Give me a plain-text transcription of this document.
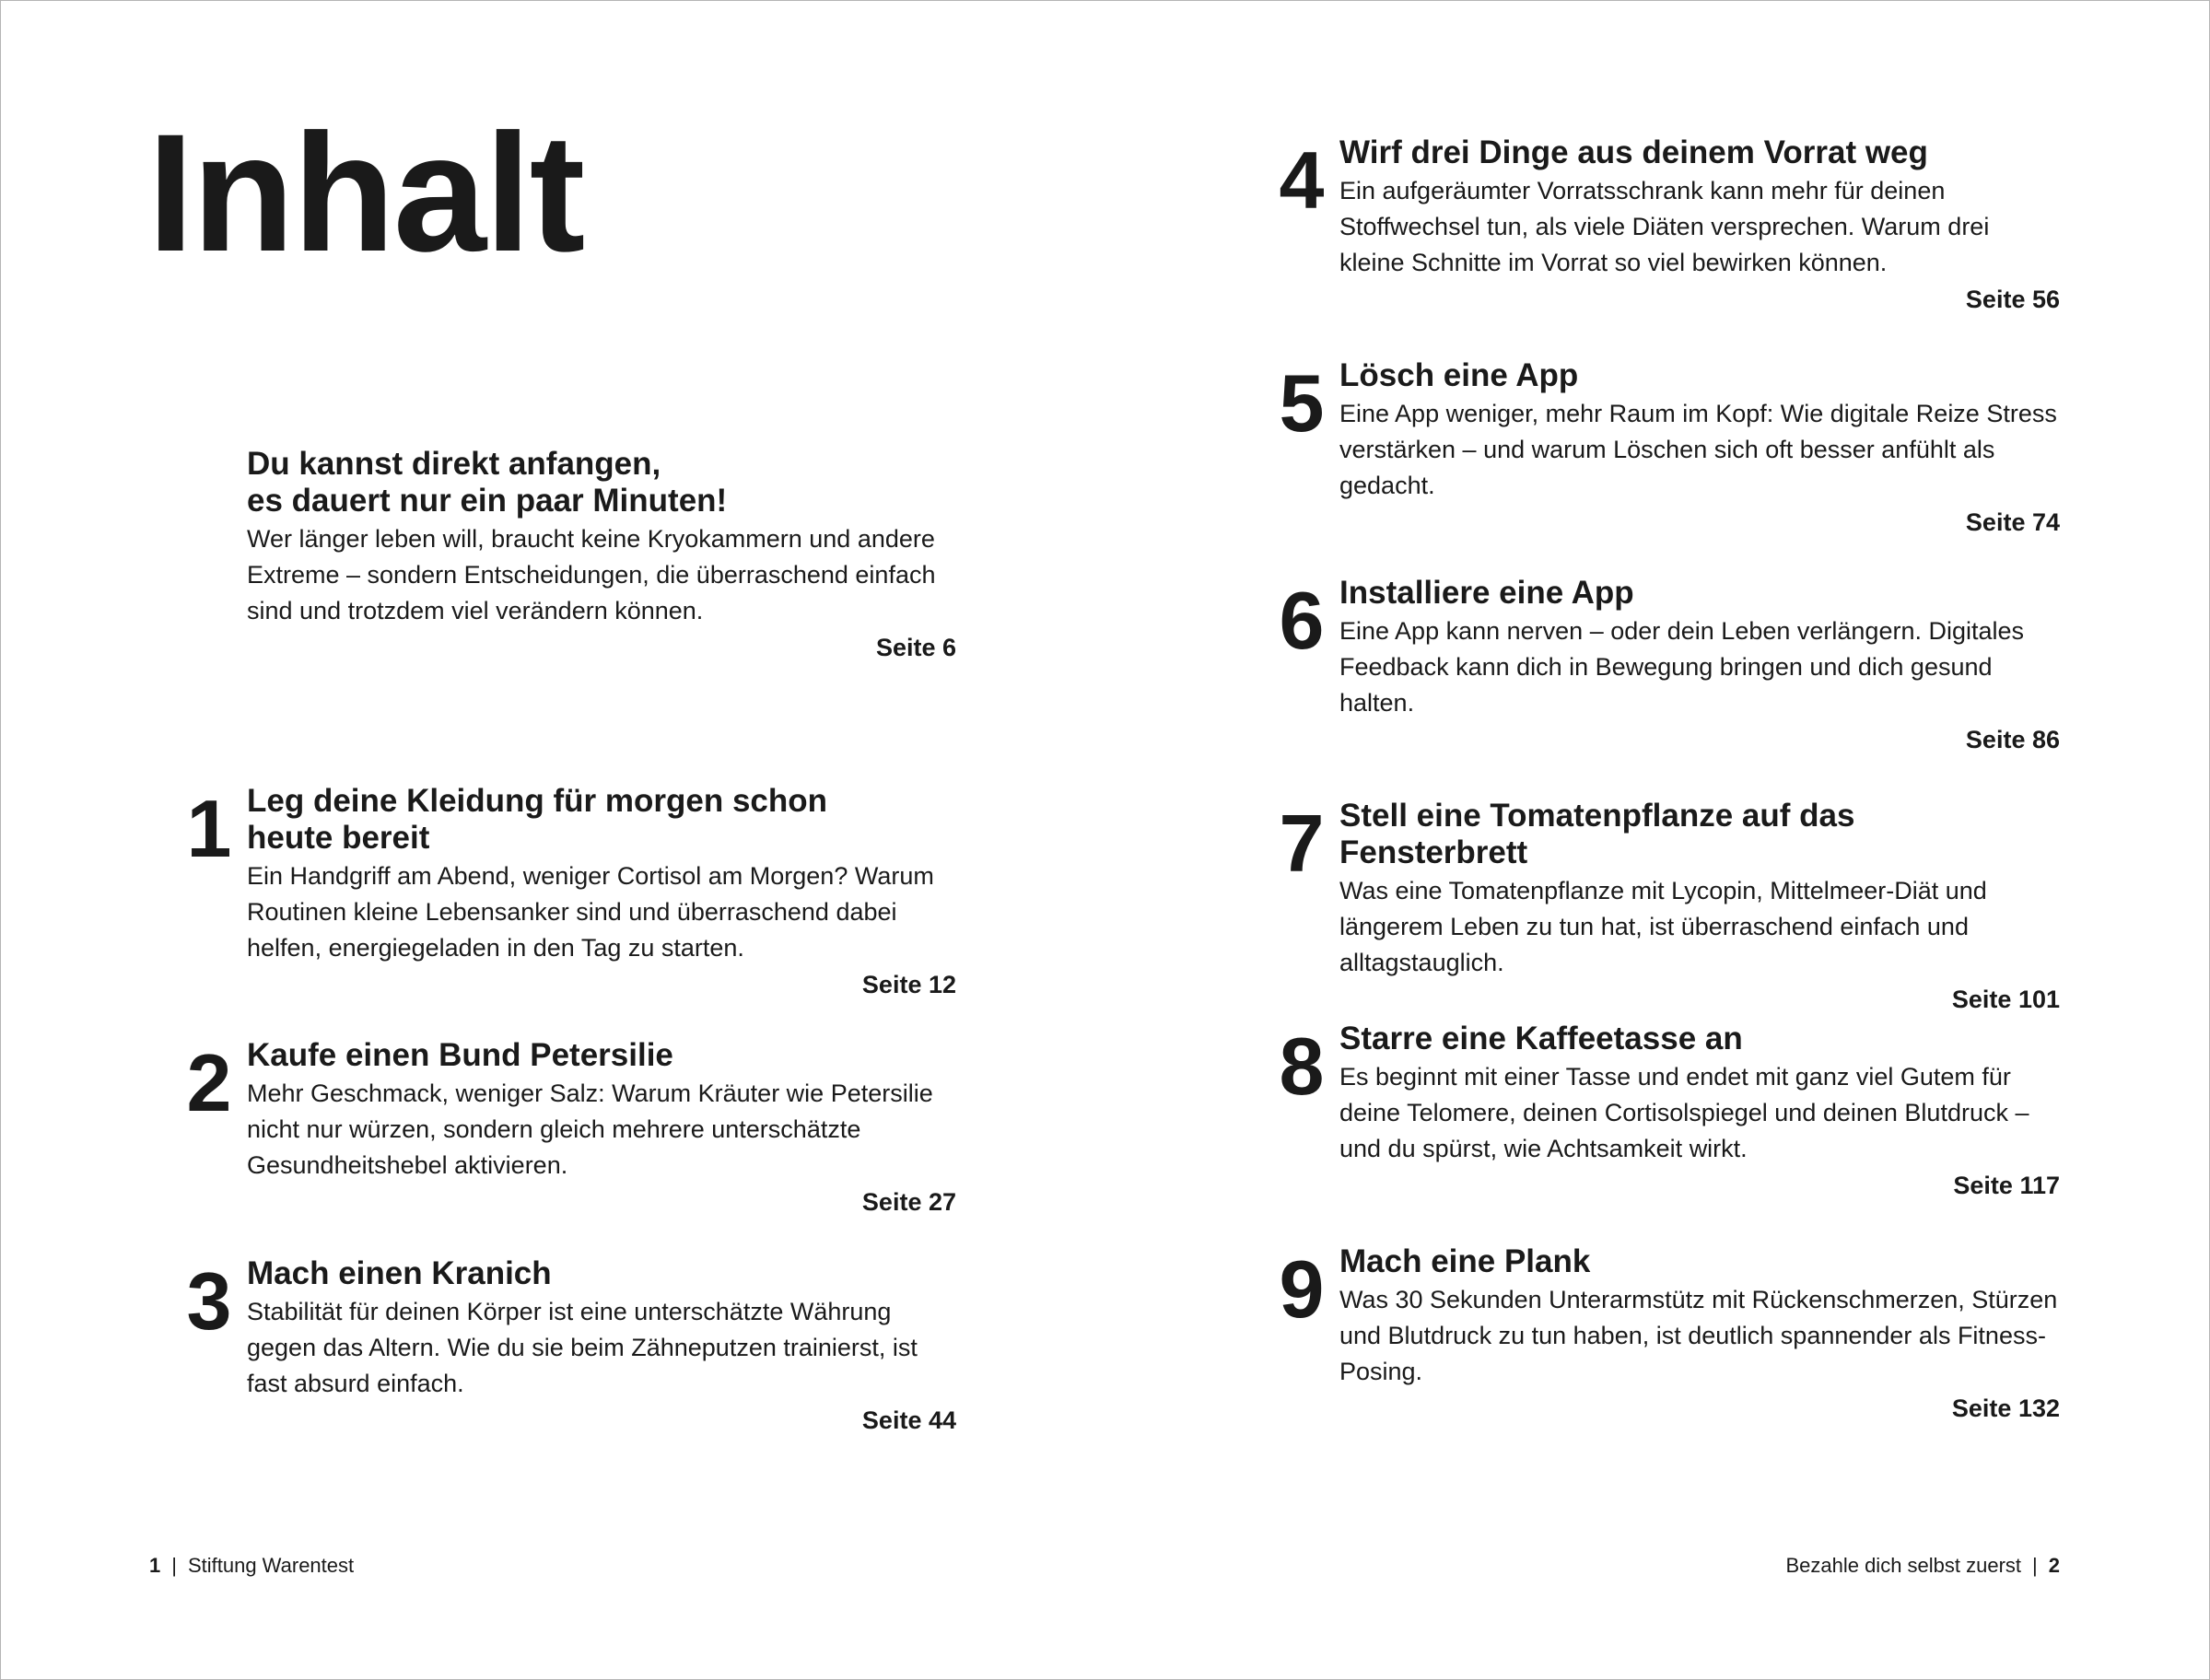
Inhalt
Du kannst direkt anfangen,
es dauert nur ein paar Minuten!
Wer länger leben will, braucht keine Kryokammern und andere Extreme – sondern Entscheidungen, die überraschend einfach sind und trotzdem viel verändern können.
Seite 6
1 Leg deine Kleidung für morgen schon
heute bereit
Ein Handgriff am Abend, weniger Cortisol am Morgen? Warum Routinen kleine Lebensanker sind und überraschend dabei helfen, energiegeladen in den Tag zu starten.
Seite 12
2 Kaufe einen Bund Petersilie
Mehr Geschmack, weniger Salz: Warum Kräuter wie Petersilie nicht nur würzen, sondern gleich mehrere unterschätzte Gesundheitshebel aktivieren.
Seite 27
3 Mach einen Kranich
Stabilität für deinen Körper ist eine unterschätzte Währung gegen das Altern. Wie du sie beim Zähneputzen trainierst, ist fast absurd einfach.
Seite 44
4 Wirf drei Dinge aus deinem Vorrat weg
Ein aufgeräumter Vorratsschrank kann mehr für deinen Stoffwechsel tun, als viele Diäten versprechen. Warum drei kleine Schnitte im Vorrat so viel bewirken können.
Seite 56
5 Lösch eine App
Eine App weniger, mehr Raum im Kopf: Wie digitale Reize Stress verstärken – und warum Löschen sich oft besser anfühlt als gedacht.
Seite 74
6 Installiere eine App
Eine App kann nerven – oder dein Leben verlängern. Digitales Feedback kann dich in Bewegung bringen und dich gesund halten.
Seite 86
7 Stell eine Tomatenpflanze auf das
Fensterbrett
Was eine Tomatenpflanze mit Lycopin, Mittelmeer-Diät und längerem Leben zu tun hat, ist überraschend einfach und alltagstauglich.
Seite 101
8 Starre eine Kaffeetasse an
Es beginnt mit einer Tasse und endet mit ganz viel Gutem für deine Telomere, deinen Cortisolspiegel und deinen Blutdruck – und du spürst, wie Achtsamkeit wirkt.
Seite 117
9 Mach eine Plank
Was 30 Sekunden Unterarmstütz mit Rückenschmerzen, Stürzen und Blutdruck zu tun haben, ist deutlich spannender als Fitness-Posing.
Seite 132
1 | Stiftung Warentest	Bezahle dich selbst zuerst | 2
